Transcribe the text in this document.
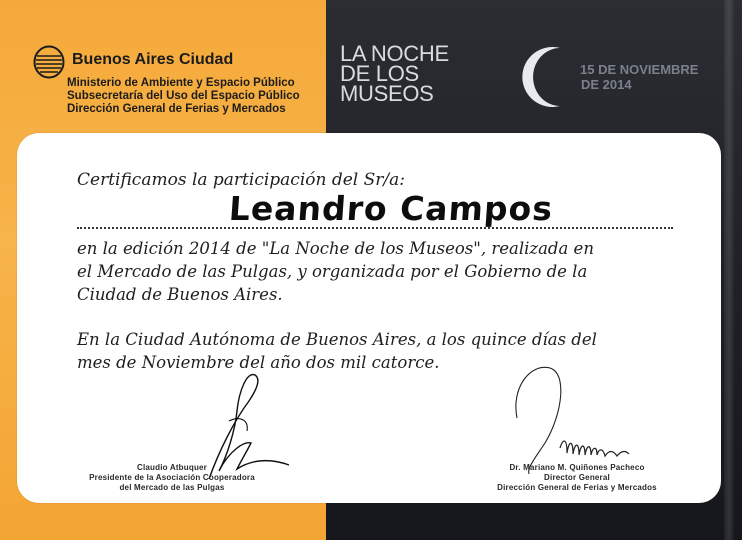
Buenos Aires Ciudad
Ministerio de Ambiente y Espacio Público
Subsecretaría del Uso del Espacio Público
Dirección General de Ferias y Mercados
LA NOCHE
DE LOS
MUSEOS
15 DE NOVIEMBRE
DE 2014
Certificamos la participación del Sr/a:
Leandro Campos
en la edición 2014 de "La Noche de los Museos", realizada en
el Mercado de las Pulgas, y organizada por el Gobierno de la
Ciudad de Buenos Aires.
En la Ciudad Autónoma de Buenos Aires, a los quince días del
mes de Noviembre del año dos mil catorce.
Claudio Atbuquer
Presidente de la Asociación Cooperadora
del Mercado de las Pulgas
Dr. Mariano M. Quiñones Pacheco
Director General
Dirección General de Ferias y Mercados
